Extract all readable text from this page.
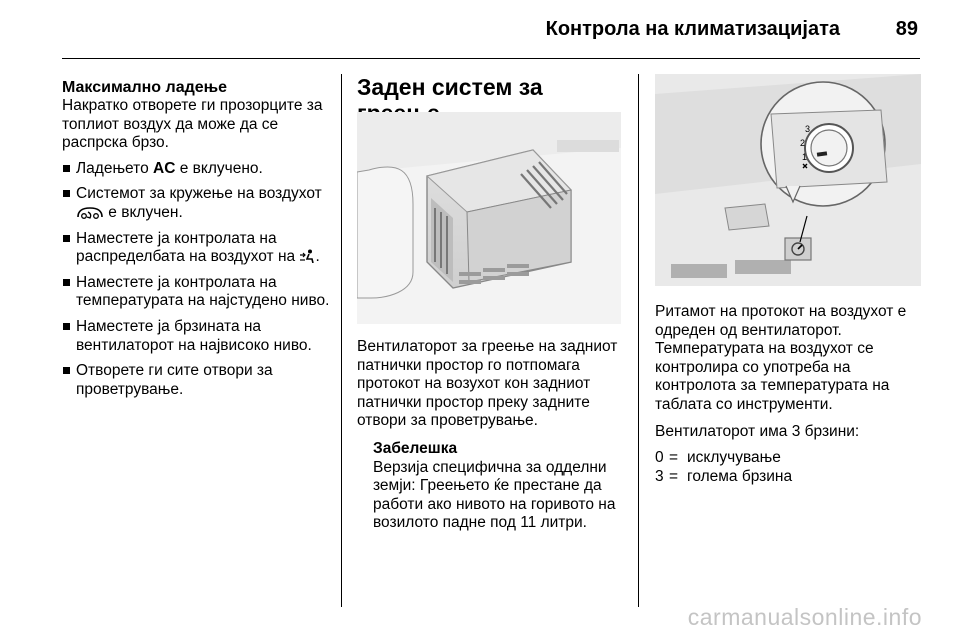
Контрола на климатизацијата	89

Максимално ладење

Накратко отворете ги прозорците за топлиот воздух да може да се распрска брзо.

Ладењето AC е вклучено.
Системот за кружење на воздухот  е вклучен.
Наместете ја контролата на распределбата на воздухот на .
Наместете ја контролата на температурата на најстудено ниво.
Наместете ја брзината на вентилаторот на највисоко ниво.
Отворете ги сите отвори за проветрување.

Заден систем за

Вентилаторот за греење на задниот патнички простор го потпомага протокот на возухот кон задниот патнички простор преку задните отвори за проветрување.

Забелешка

Верзија специфична за одделни земји: Греењето ќе престане да работи ако нивото на горивото на возилото падне под 11 литри.

3
2
1

Ритамот на протокот на воздухот е одреден од вентилаторот. Температурата на воздухот се контролира со употреба на контролота за температурата на таблата со инструменти.

Вентилаторот има 3 брзини:

0 = исклучување
3 = голема брзина
carmanualsonline.info
